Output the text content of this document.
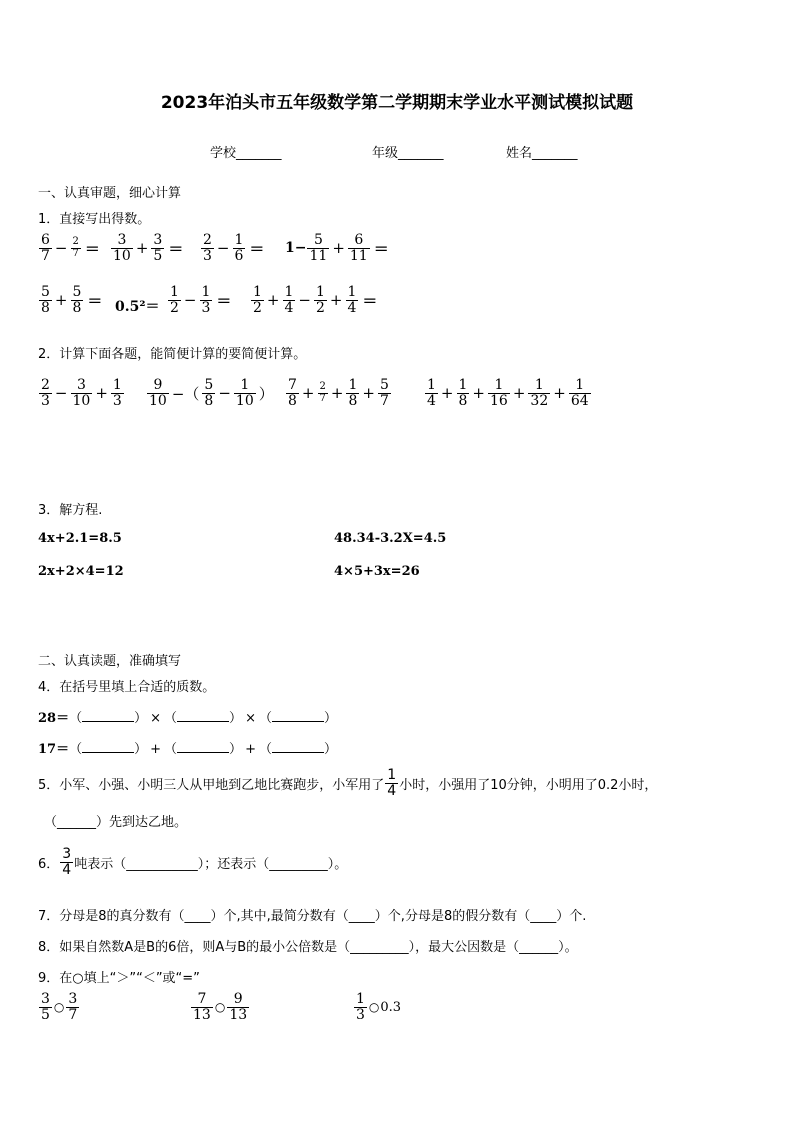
2023年泊头市五年级数学第二学期期末学业水平测试模拟试题
学校_______	年级_______	姓名_______
一、认真审题，细心计算
1．直接写出得数。
$\frac{6}{7} - \frac{2}{7} = \frac{3}{10} + \frac{3}{5} = \frac{2}{3} - \frac{1}{6} = 1- \frac{5}{11} + \frac{6}{11}$ ＝
$\frac{5}{8} + \frac{5}{8} = 0.5^2= \frac{1}{2} - \frac{1}{3} = \frac{1}{2} + \frac{1}{4} - \frac{1}{2} + \frac{1}{4}$ ＝
2．计算下面各题，能简便计算的要简便计算。
$\frac{2}{3} - \frac{3}{10} + \frac{1}{3} \frac{9}{10}$ −（ $\frac{5}{8} - \frac{1}{10}$ ） $\frac{7}{8} + \frac{2}{7} + \frac{1}{8} + \frac{5}{7} \frac{1}{4} + \frac{1}{8} + \frac{1}{16} + \frac{1}{32} + \frac{1}{64}$
3．解方程.
4x+2.1=8.5	48.34-3.2X=4.5
2x+2×4=12	4×5+3x=26
二、认真读题，准确填写
4．在括号里填上合适的质数。
28＝（	） × （	） × （	）
17＝（	） + （	） + （	）
5．小军、小强、小明三人从甲地到乙地比赛跑步，小军用了 $\frac{1}{4}$ 小时，小强用了10分钟，小明用了0.2小时，
（______）先到达乙地。
6． $\frac{3}{4}$ 吨表示（___________）；还表示（_________）。
7．分母是8的真分数有（____）个,其中,最简分数有（____）个,分母是8的假分数有（____）个.
8．如果自然数A是B的6倍，则A与B的最小公倍数是（_________），最大公因数是（______）。
9．在○填上“＞”“＜”或“=”
$\frac{3}{5}$ ○ $\frac{3}{7}$	$\frac{7}{13}$ ○ $\frac{9}{13}$	$\frac{1}{3}$ ○ 0.3
